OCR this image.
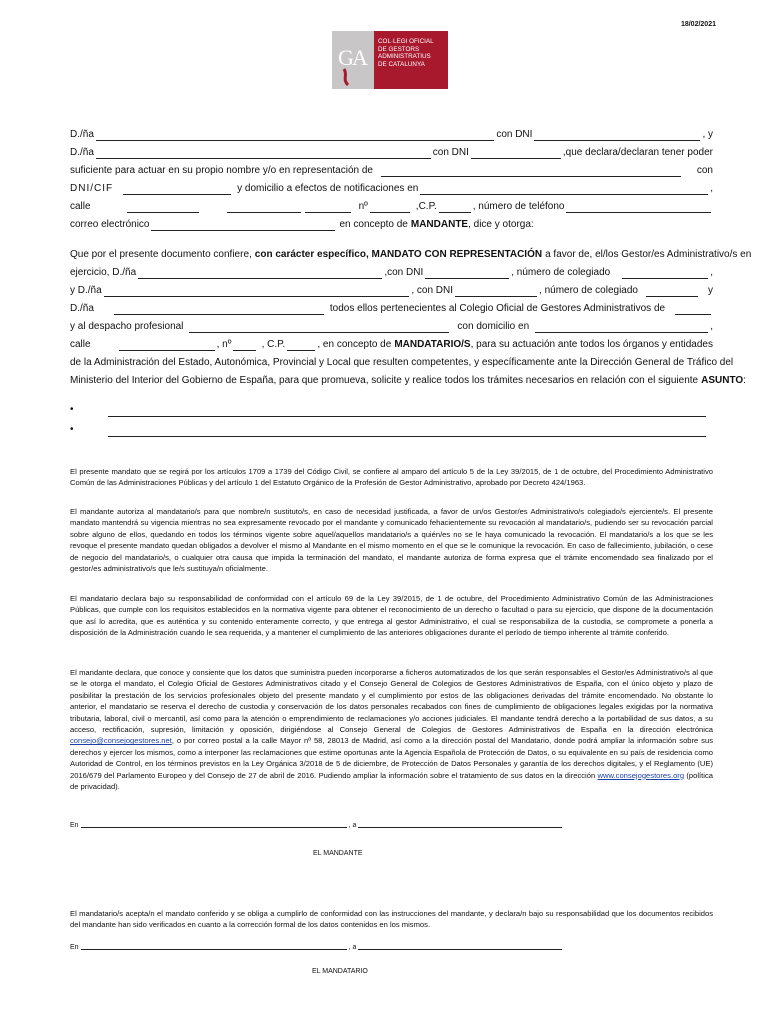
18/02/2021
G
A
COL·LEGI OFICIAL
DE GESTORS
ADMINISTRATIUS
DE CATALUNYA
D./ña	con DNI	, y
D./ña	con DNI	,que declara/declaran tener poder
suficiente para actuar en su propio nombre y/o en representación de	con
DNI/CIF	y domicilio a efectos de notificaciones en	,
calle	nº	,C.P.	, número de teléfono
correo electrónico	en concepto de MANDANTE , dice y otorga:
Que por el presente documento confiere, con carácter específico, MANDATO CON REPRESENTACIÓN a favor de, el/los Gestor/es Administrativo/s en
ejercicio, D./ña	,con DNI	, número de colegiado	,
y D./ña	, con DNI	, número de colegiado	y
D./ña	todos ellos pertenecientes al Colegio Oficial de Gestores Administrativos de
y al despacho profesional	con domicilio en	,
calle	, nº	, C.P.	, en concepto de MANDATARIO/S , para su actuación ante todos los órganos y entidades
de la Administración del Estado, Autonómica, Provincial y Local que resulten competentes, y específicamente ante la Dirección General de Tráfico del
Ministerio del Interior del Gobierno de España, para que promueva, solicite y realice todos los trámites necesarios en relación con el siguiente ASUNTO :
•
•
El presente mandato que se regirá por los artículos 1709 a 1739 del Código Civil, se confiere al amparo del artículo 5 de la Ley 39/2015, de 1 de octubre, del Procedimiento Administrativo Común de las Administraciones Públicas y del artículo 1 del Estatuto Orgánico de la Profesión de Gestor Administrativo, aprobado por Decreto 424/1963.
El mandante autoriza al mandatario/s para que nombre/n sustituto/s, en caso de necesidad justificada, a favor de un/os Gestor/es Administrativo/s colegiado/s ejerciente/s. El presente mandato mantendrá su vigencia mientras no sea expresamente revocado por el mandante y comunicado fehacientemente su revocación al mandatario/s, pudiendo ser su revocación parcial sobre alguno de ellos, quedando en todos los términos vigente sobre aquel/aquellos mandatario/s a quién/es no se le haya comunicado la revocación. El mandatario/s a los que se les revoque el presente mandato quedan obligados a devolver el mismo al Mandante en el mismo momento en el que se le comunique la revocación. En caso de fallecimiento, jubilación, o cese de negocio del mandatario/s, o cualquier otra causa que impida la terminación del mandato, el mandante autoriza de forma expresa que el trámite encomendado sea finalizado por el gestor/es administrativo/s que le/s sustituya/n oficialmente.
El mandatario declara bajo su responsabilidad de conformidad con el artículo 69 de la Ley 39/2015, de 1 de octubre, del Procedimiento Administrativo Común de las Administraciones Públicas, que cumple con los requisitos establecidos en la normativa vigente para obtener el reconocimiento de un derecho o facultad o para su ejercicio, que dispone de la documentación que así lo acredita, que es auténtica y su contenido enteramente correcto, y que entrega al gestor Administrativo, el cual se responsabiliza de la custodia, se compromete a ponerla a disposición de la Administración cuando le sea requerida, y a mantener el cumplimiento de las anteriores obligaciones durante el período de tiempo inherente al trámite conferido.
El mandante declara, que conoce y consiente que los datos que suministra pueden incorporarse a ficheros automatizados de los que serán responsables el Gestor/es Administrativo/s al que se le otorga el mandato, el Colegio Oficial de Gestores Administrativos citado y el Consejo General de Colegios de Gestores Administrativos de España, con el único objeto y plazo de posibilitar la prestación de los servicios profesionales objeto del presente mandato y el cumplimiento por estos de las obligaciones derivadas del trámite encomendado. No obstante lo anterior, el mandatario se reserva el derecho de custodia y conservación de los datos personales recabados con fines de cumplimiento de obligaciones legales exigidas por la normativa tributaria, laboral, civil o mercantil, así como para la atención o emprendimiento de reclamaciones y/o acciones judiciales. El mandante tendrá derecho a la portabilidad de sus datos, a su acceso, rectificación, supresión, limitación y oposición, dirigiéndose al Consejo General de Colegios de Gestores Administrativos de España en la dirección electrónica consejo@consejogestores.net, o por correo postal a la calle Mayor nº 58, 28013 de Madrid, así como a la dirección postal del Mandatario, donde podrá ampliar la información sobre sus derechos y ejercer los mismos, como a interponer las reclamaciones que estime oportunas ante la Agencia Española de Protección de Datos, o su equivalente en su país de residencia como Autoridad de Control, en los términos previstos en la Ley Orgánica 3/2018 de 5 de diciembre, de Protección de Datos Personales y garantía de los derechos digitales, y el Reglamento (UE) 2016/679 del Parlamento Europeo y del Consejo de 27 de abril de 2016. Pudiendo ampliar la información sobre el tratamiento de sus datos en la dirección www.consejogestores.org (política de privacidad).
En	, a
EL MANDANTE
El mandatario/s acepta/n el mandato conferido y se obliga a cumplirlo de conformidad con las instrucciones del mandante, y declara/n bajo su responsabilidad que los documentos recibidos del mandante han sido verificados en cuanto a la corrección formal de los datos contenidos en los mismos.
En	, a
EL MANDATARIO
